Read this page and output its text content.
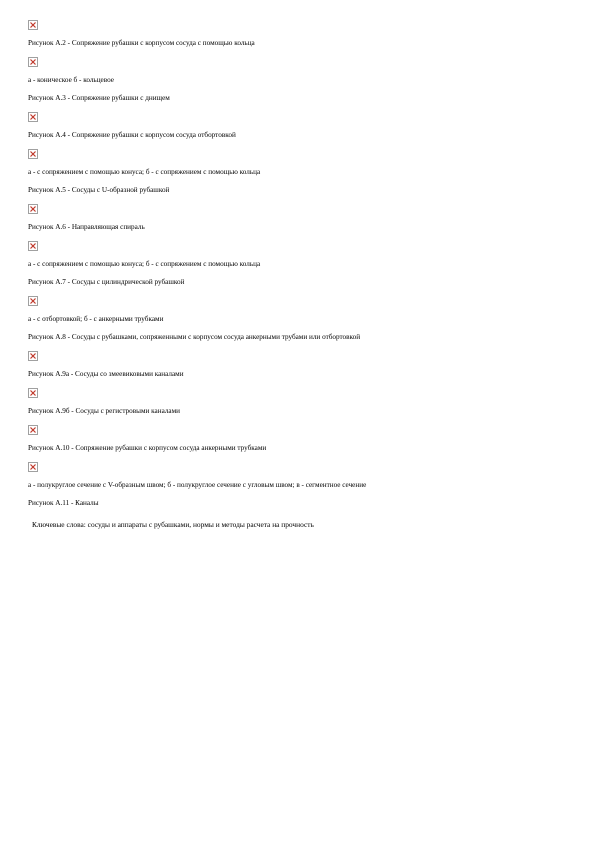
Рисунок А.2 - Сопряжение рубашки с корпусом сосуда с помощью кольца
а - коническое б - кольцевое
Рисунок А.3 - Сопряжение рубашки с днищем
Рисунок А.4 - Сопряжение рубашки с корпусом сосуда отбортовкой
а - с сопряжением с помощью конуса; б - с сопряжением с помощью кольца
Рисунок А.5 - Сосуды с U-образной рубашкой
Рисунок А.6 - Направляющая спираль
а - с сопряжением с помощью конуса; б - с сопряжением с помощью кольца
Рисунок А.7 - Сосуды с цилиндрической рубашкой
а - с отбортовкой; б - с анкерными трубками
Рисунок А.8 - Сосуды с рубашками, сопряженными с корпусом сосуда анкерными трубами или отбортовкой
Рисунок А.9а - Сосуды со змеевиковыми каналами
Рисунок А.9б - Сосуды с регистровыми каналами
Рисунок А.10 - Сопряжение рубашки с корпусом сосуда анкерными трубками
а - полукруглое сечение с V-образным швом; б - полукруглое сечение с угловым швом; в - сегментное сечение
Рисунок А.11 - Каналы
Ключевые слова: сосуды и аппараты с рубашками, нормы и методы расчета на прочность
